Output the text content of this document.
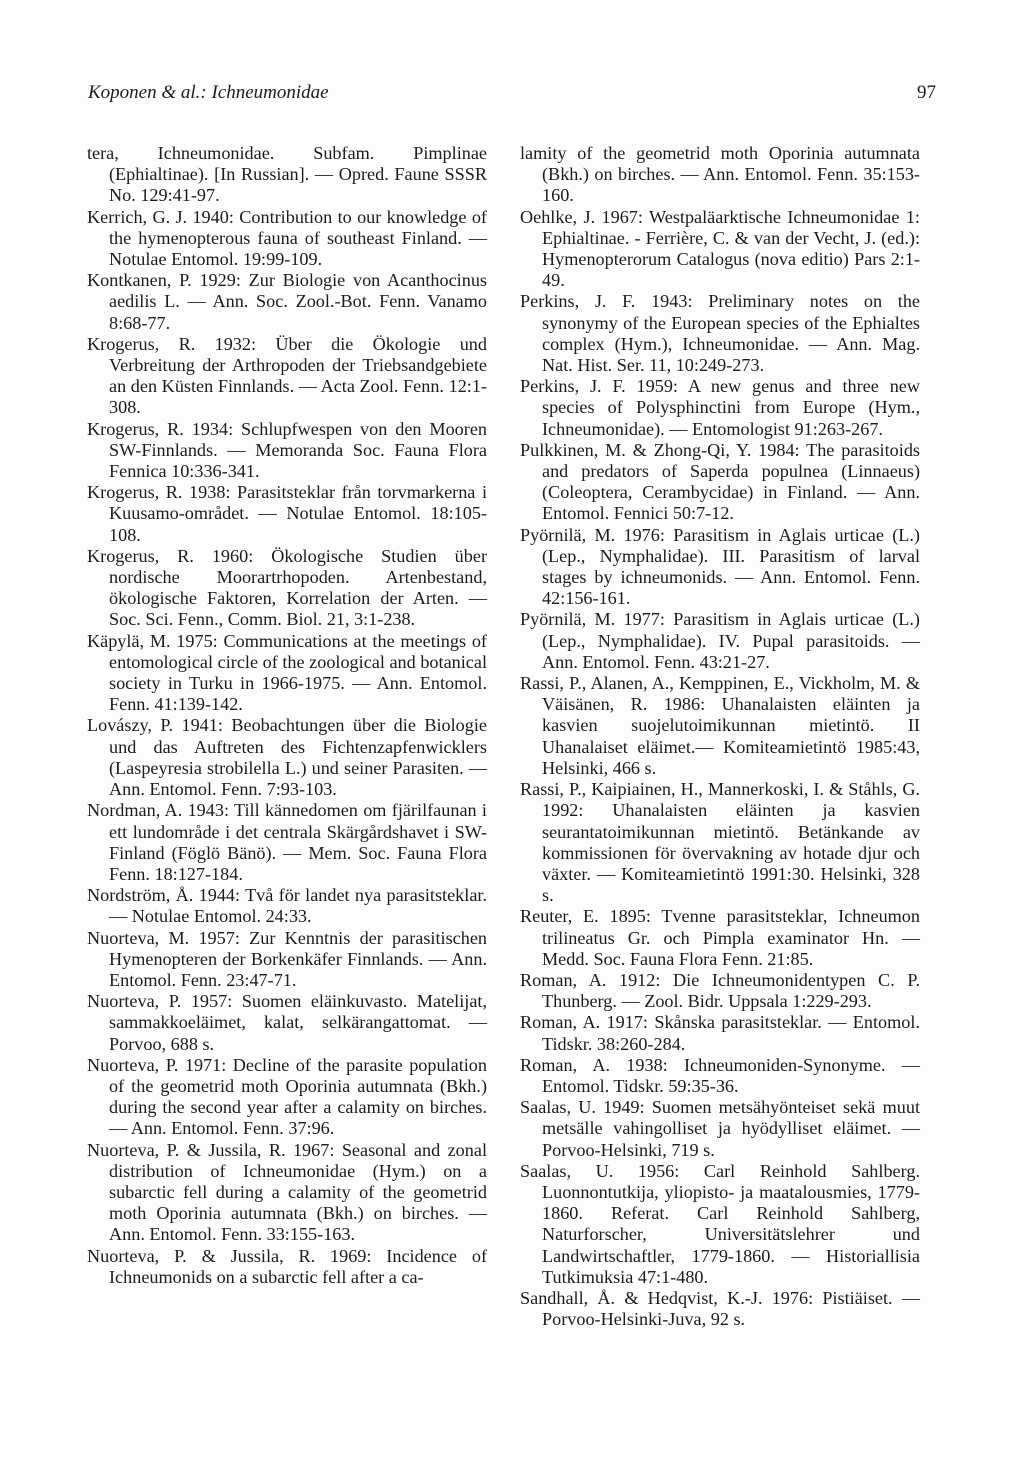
Koponen & al.: Ichneumonidae	97

tera, Ichneumonidae. Subfam. Pimplinae (Ephialtinae). [In Russian]. — Opred. Faune SSSR No. 129:41-97.

Kerrich, G. J. 1940: Contribution to our knowledge of the hymenopterous fauna of southeast Finland. — Notulae Entomol. 19:99-109.

Kontkanen, P. 1929: Zur Biologie von Acanthocinus aedilis L. — Ann. Soc. Zool.-Bot. Fenn. Vanamo 8:68-77.

Krogerus, R. 1932: Über die Ökologie und Verbreitung der Arthropoden der Triebsandgebiete an den Küsten Finnlands. — Acta Zool. Fenn. 12:1-308.

Krogerus, R. 1934: Schlupfwespen von den Mooren SW-Finnlands. — Memoranda Soc. Fauna Flora Fennica 10:336-341.

Krogerus, R. 1938: Parasitsteklar från torvmarkerna i Kuusamo-området. — Notulae Entomol. 18:105-108.

Krogerus, R. 1960: Ökologische Studien über nordische Moorartrhopoden. Artenbestand, ökologische Faktoren, Korrelation der Arten. — Soc. Sci. Fenn., Comm. Biol. 21, 3:1-238.

Käpylä, M. 1975: Communications at the meetings of entomological circle of the zoological and botanical society in Turku in 1966-1975. — Ann. Entomol. Fenn. 41:139-142.

Lovászy, P. 1941: Beobachtungen über die Biologie und das Auftreten des Fichtenzapfenwicklers (Laspeyresia strobilella L.) und seiner Parasiten. — Ann. Entomol. Fenn. 7:93-103.

Nordman, A. 1943: Till kännedomen om fjärilfaunan i ett lundområde i det centrala Skärgårdshavet i SW-Finland (Föglö Bänö). — Mem. Soc. Fauna Flora Fenn. 18:127-184.

Nordström, Å. 1944: Två för landet nya parasitsteklar. — Notulae Entomol. 24:33.

Nuorteva, M. 1957: Zur Kenntnis der parasitischen Hymenopteren der Borkenkäfer Finnlands. — Ann. Entomol. Fenn. 23:47-71.

Nuorteva, P. 1957: Suomen eläinkuvasto. Matelijat, sammakkoeläimet, kalat, selkärangattomat. — Porvoo, 688 s.

Nuorteva, P. 1971: Decline of the parasite population of the geometrid moth Oporinia autumnata (Bkh.) during the second year after a calamity on birches. — Ann. Entomol. Fenn. 37:96.

Nuorteva, P. & Jussila, R. 1967: Seasonal and zonal distribution of Ichneumonidae (Hym.) on a subarctic fell during a calamity of the geometrid moth Oporinia autumnata (Bkh.) on birches. — Ann. Entomol. Fenn. 33:155-163.

Nuorteva, P. & Jussila, R. 1969: Incidence of Ichneumonids on a subarctic fell after a ca-

lamity of the geometrid moth Oporinia autumnata (Bkh.) on birches. — Ann. Entomol. Fenn. 35:153-160.

Oehlke, J. 1967: Westpaläarktische Ichneumonidae 1: Ephialtinae. - Ferrière, C. & van der Vecht, J. (ed.): Hymenopterorum Catalogus (nova editio) Pars 2:1-49.

Perkins, J. F. 1943: Preliminary notes on the synonymy of the European species of the Ephialtes complex (Hym.), Ichneumonidae. — Ann. Mag. Nat. Hist. Ser. 11, 10:249-273.

Perkins, J. F. 1959: A new genus and three new species of Polysphinctini from Europe (Hym., Ichneumonidae). — Entomologist 91:263-267.

Pulkkinen, M. & Zhong-Qi, Y. 1984: The parasitoids and predators of Saperda populnea (Linnaeus) (Coleoptera, Cerambycidae) in Finland. — Ann. Entomol. Fennici 50:7-12.

Pyörnilä, M. 1976: Parasitism in Aglais urticae (L.) (Lep., Nymphalidae). III. Parasitism of larval stages by ichneumonids. — Ann. Entomol. Fenn. 42:156-161.

Pyörnilä, M. 1977: Parasitism in Aglais urticae (L.) (Lep., Nymphalidae). IV. Pupal parasitoids. — Ann. Entomol. Fenn. 43:21-27.

Rassi, P., Alanen, A., Kemppinen, E., Vickholm, M. & Väisänen, R. 1986: Uhanalaisten eläinten ja kasvien suojelutoimikunnan mietintö. II Uhanalaiset eläimet.— Komiteamietintö 1985:43, Helsinki, 466 s.

Rassi, P., Kaipiainen, H., Mannerkoski, I. & Ståhls, G. 1992: Uhanalaisten eläinten ja kasvien seurantatoimikunnan mietintö. Betänkande av kommissionen för övervakning av hotade djur och växter. — Komiteamietintö 1991:30. Helsinki, 328 s.

Reuter, E. 1895: Tvenne parasitsteklar, Ichneumon trilineatus Gr. och Pimpla examinator Hn. — Medd. Soc. Fauna Flora Fenn. 21:85.

Roman, A. 1912: Die Ichneumonidentypen C. P. Thunberg. — Zool. Bidr. Uppsala 1:229-293.

Roman, A. 1917: Skånska parasitsteklar. — Entomol. Tidskr. 38:260-284.

Roman, A. 1938: Ichneumoniden-Synonyme. — Entomol. Tidskr. 59:35-36.

Saalas, U. 1949: Suomen metsähyönteiset sekä muut metsälle vahingolliset ja hyödylliset eläimet. — Porvoo-Helsinki, 719 s.

Saalas, U. 1956: Carl Reinhold Sahlberg. Luonnontutkija, yliopisto- ja maatalousmies, 1779-1860. Referat. Carl Reinhold Sahlberg, Naturforscher, Universitätslehrer und Landwirtschaftler, 1779-1860. — Historiallisia Tutkimuksia 47:1-480.

Sandhall, Å. & Hedqvist, K.-J. 1976: Pistiäiset. — Porvoo-Helsinki-Juva, 92 s.
